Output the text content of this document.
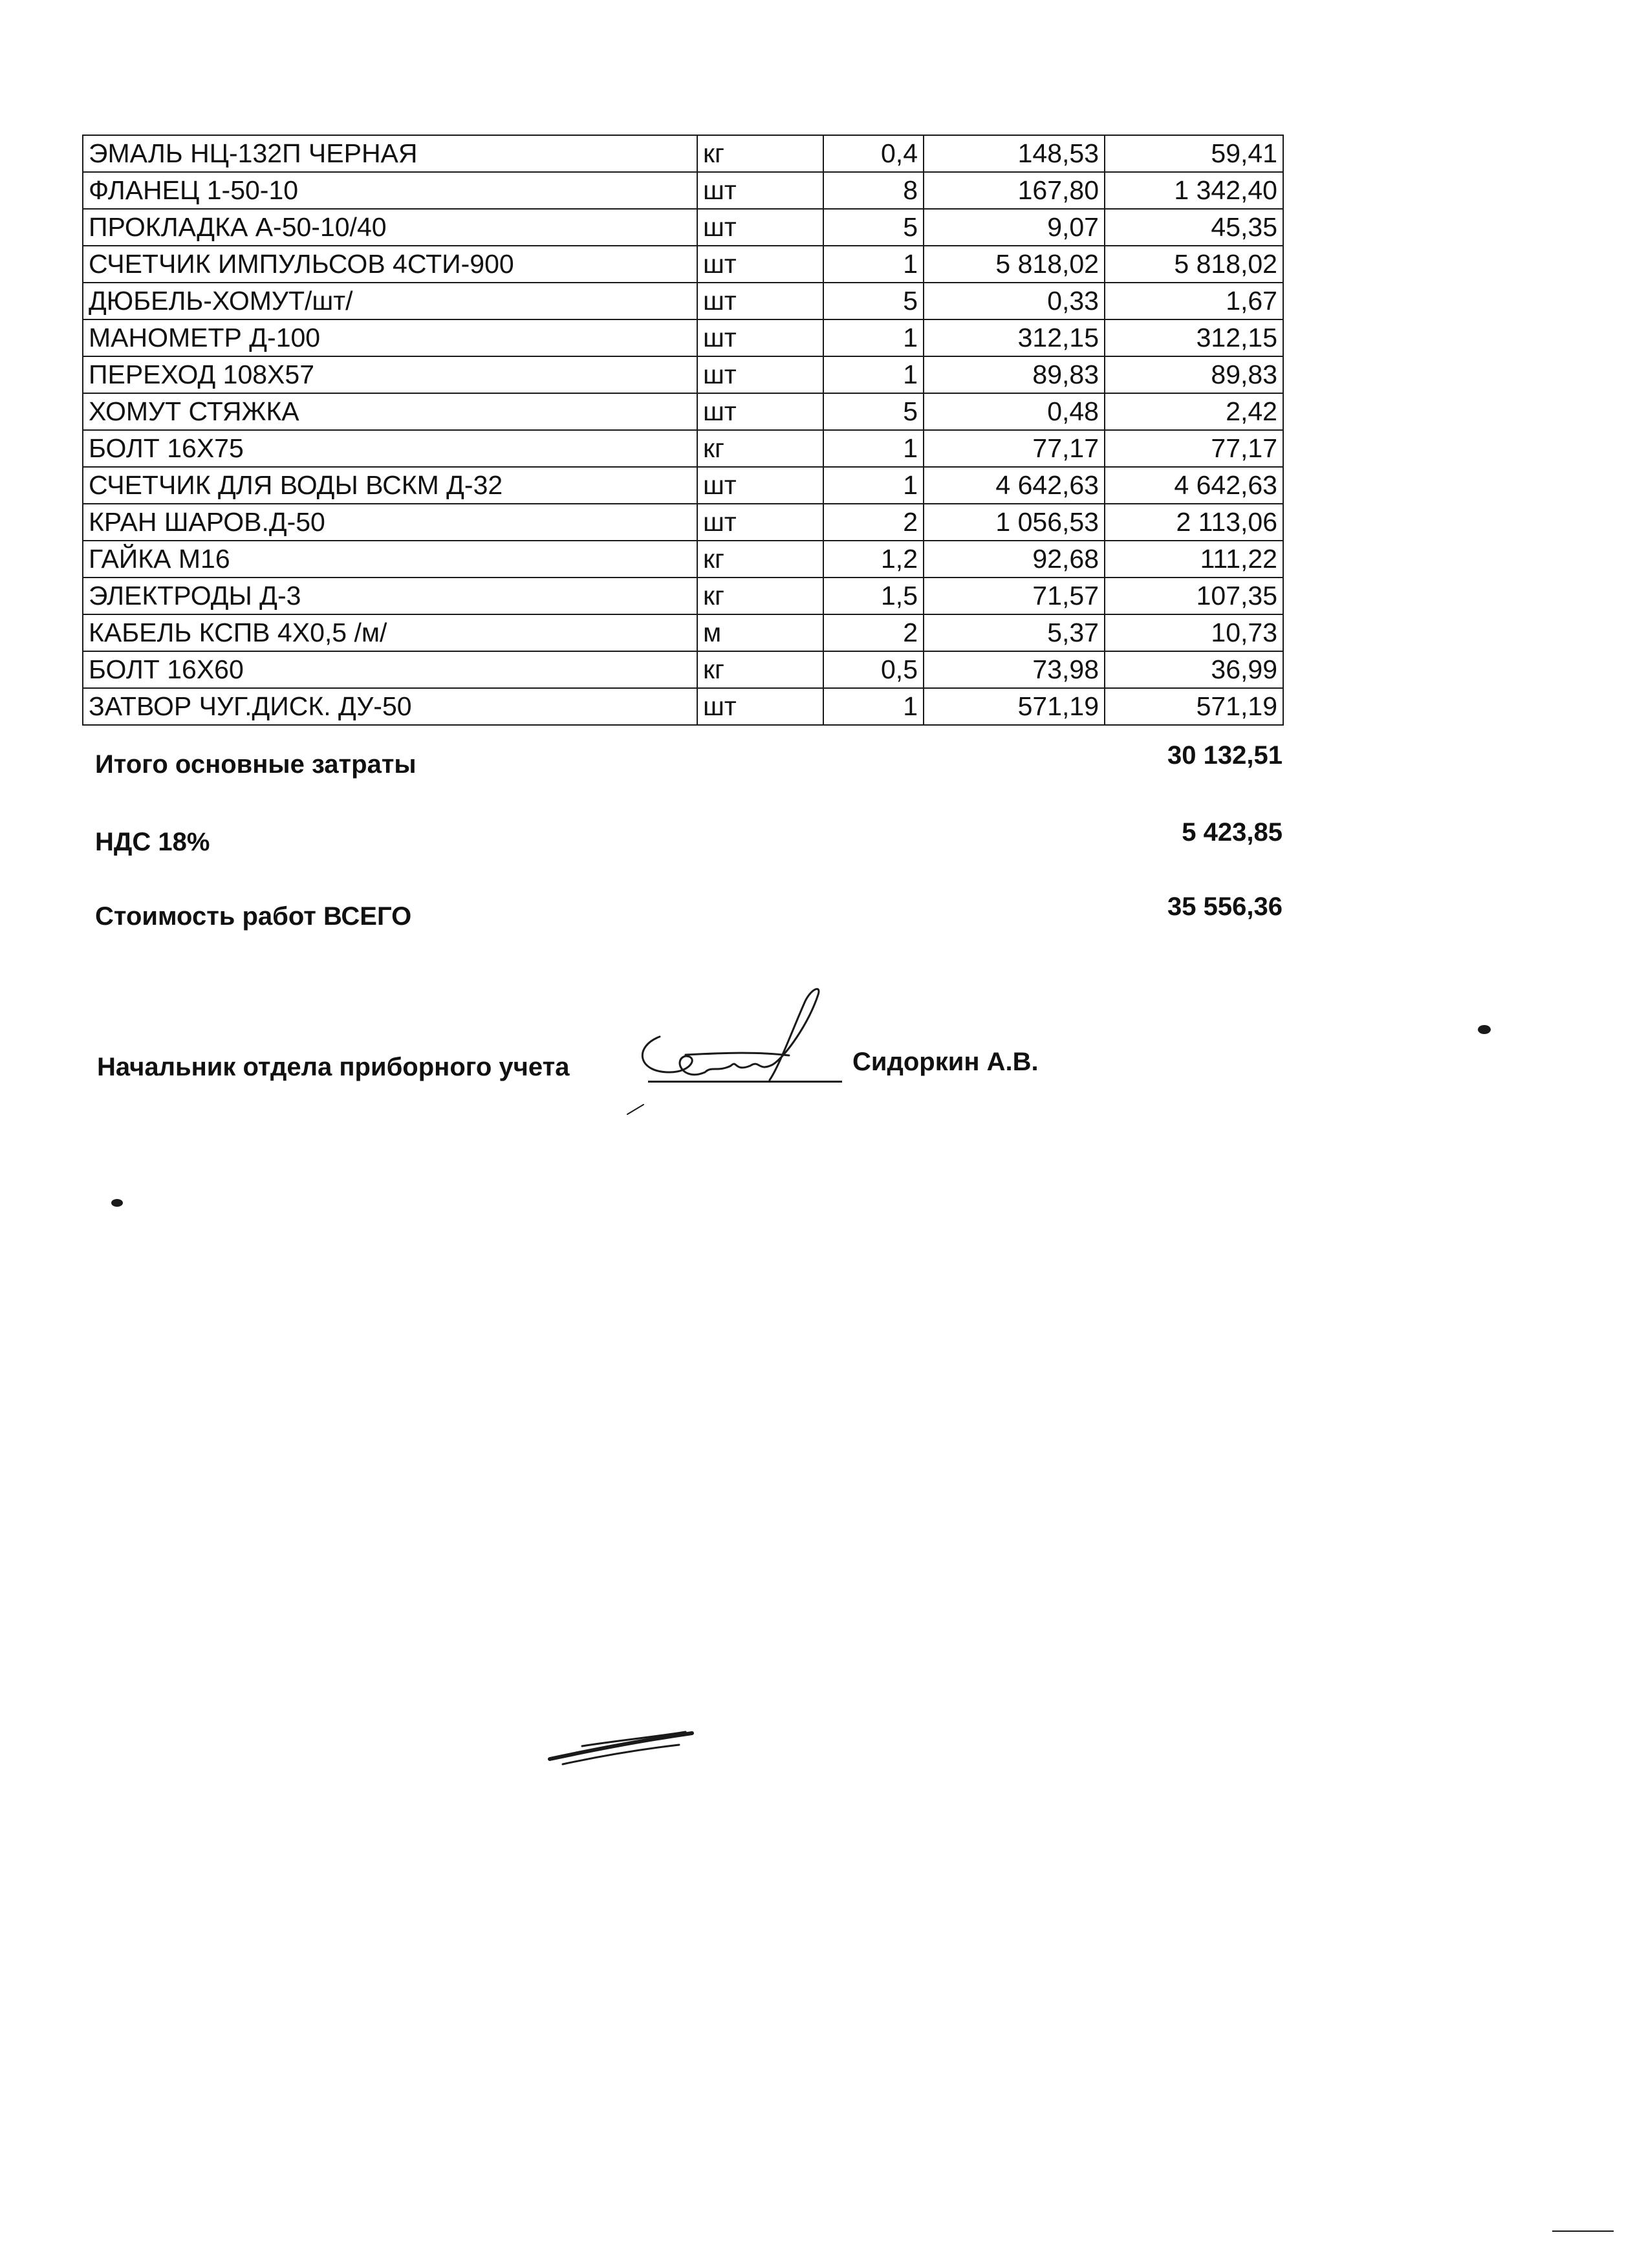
ЭМАЛЬ НЦ-132П ЧЕРНАЯ	кг	0,4	148,53	59,41
ФЛАНЕЦ 1-50-10	шт	8	167,80	1 342,40
ПРОКЛАДКА А-50-10/40	шт	5	9,07	45,35
СЧЕТЧИК ИМПУЛЬСОВ 4СТИ-900	шт	1	5 818,02	5 818,02
ДЮБЕЛЬ-ХОМУТ/шт/	шт	5	0,33	1,67
МАНОМЕТР Д-100	шт	1	312,15	312,15
ПЕРЕХОД 108Х57	шт	1	89,83	89,83
ХОМУТ СТЯЖКА	шт	5	0,48	2,42
БОЛТ 16Х75	кг	1	77,17	77,17
СЧЕТЧИК ДЛЯ ВОДЫ ВСКМ Д-32	шт	1	4 642,63	4 642,63
КРАН ШАРОВ.Д-50	шт	2	1 056,53	2 113,06
ГАЙКА М16	кг	1,2	92,68	111,22
ЭЛЕКТРОДЫ Д-3	кг	1,5	71,57	107,35
КАБЕЛЬ КСПВ 4Х0,5 /м/	м	2	5,37	10,73
БОЛТ 16Х60	кг	0,5	73,98	36,99
ЗАТВОР ЧУГ.ДИСК. ДУ-50	шт	1	571,19	571,19
Итого основные затраты	30 132,51
НДС 18%	5 423,85
Стоимость работ ВСЕГО	35 556,36
Начальник отдела приборного учета	Сидоркин А.В.
